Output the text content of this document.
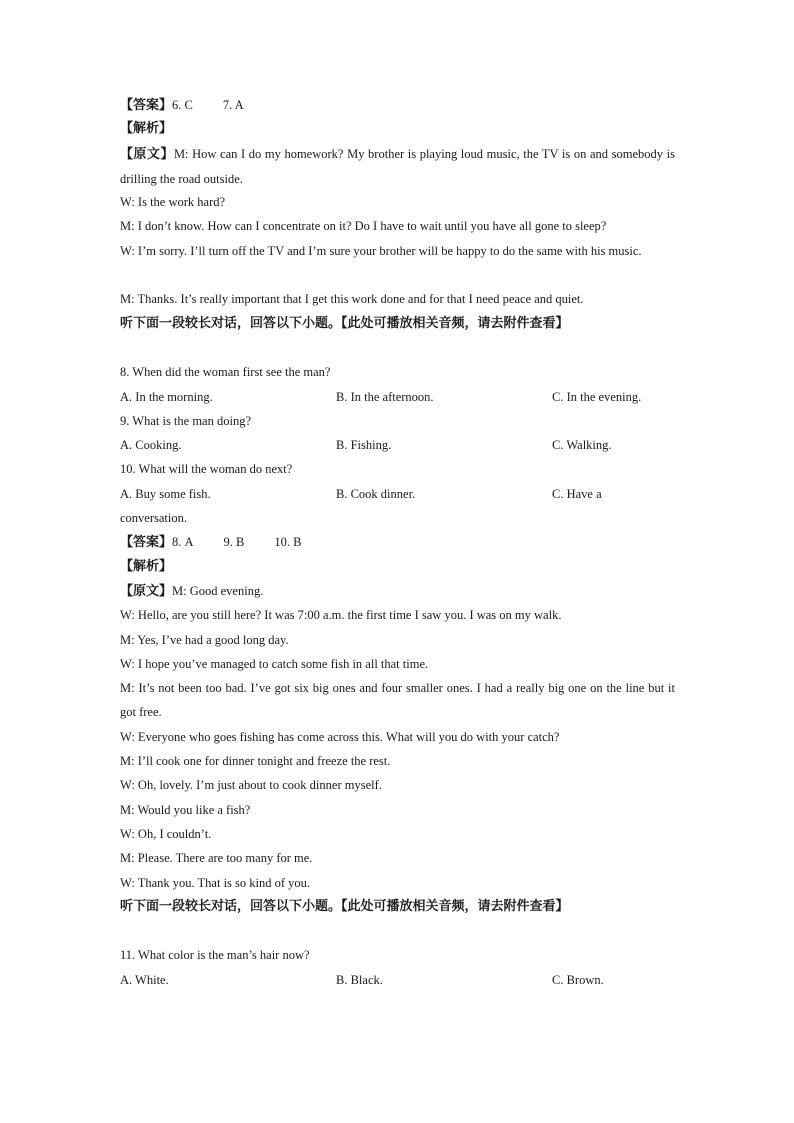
【答案】6. C 7. A
【解析】
【原文】M: How can I do my homework? My brother is playing loud music, the TV is on and somebody is drilling the road outside.
W: Is the work hard?
M: I don’t know. How can I concentrate on it? Do I have to wait until you have all gone to sleep?
W: I’m sorry. I’ll turn off the TV and I’m sure your brother will be happy to do the same with his music.
M: Thanks. It’s really important that I get this work done and for that I need peace and quiet.
听下面一段较长对话，回答以下小题。【此处可播放相关音频，请去附件查看】
8. When did the woman first see the man?
A. In the morning.	B. In the afternoon.	C. In the evening.
9. What is the man doing?
A. Cooking.	B. Fishing.	C. Walking.
10. What will the woman do next?
A. Buy some fish.	B. Cook dinner.	C. Have a
conversation.
【答案】8. A 9. B 10. B
【解析】
【原文】M: Good evening.
W: Hello, are you still here? It was 7:00 a.m. the first time I saw you. I was on my walk.
M: Yes, I’ve had a good long day.
W: I hope you’ve managed to catch some fish in all that time.
M: It’s not been too bad. I’ve got six big ones and four smaller ones. I had a really big one on the line but it got free.
W: Everyone who goes fishing has come across this. What will you do with your catch?
M: I’ll cook one for dinner tonight and freeze the rest.
W: Oh, lovely. I’m just about to cook dinner myself.
M: Would you like a fish?
W: Oh, I couldn’t.
M: Please. There are too many for me.
W: Thank you. That is so kind of you.
听下面一段较长对话，回答以下小题。【此处可播放相关音频，请去附件查看】
11. What color is the man’s hair now?
A. White.	B. Black.	C. Brown.
